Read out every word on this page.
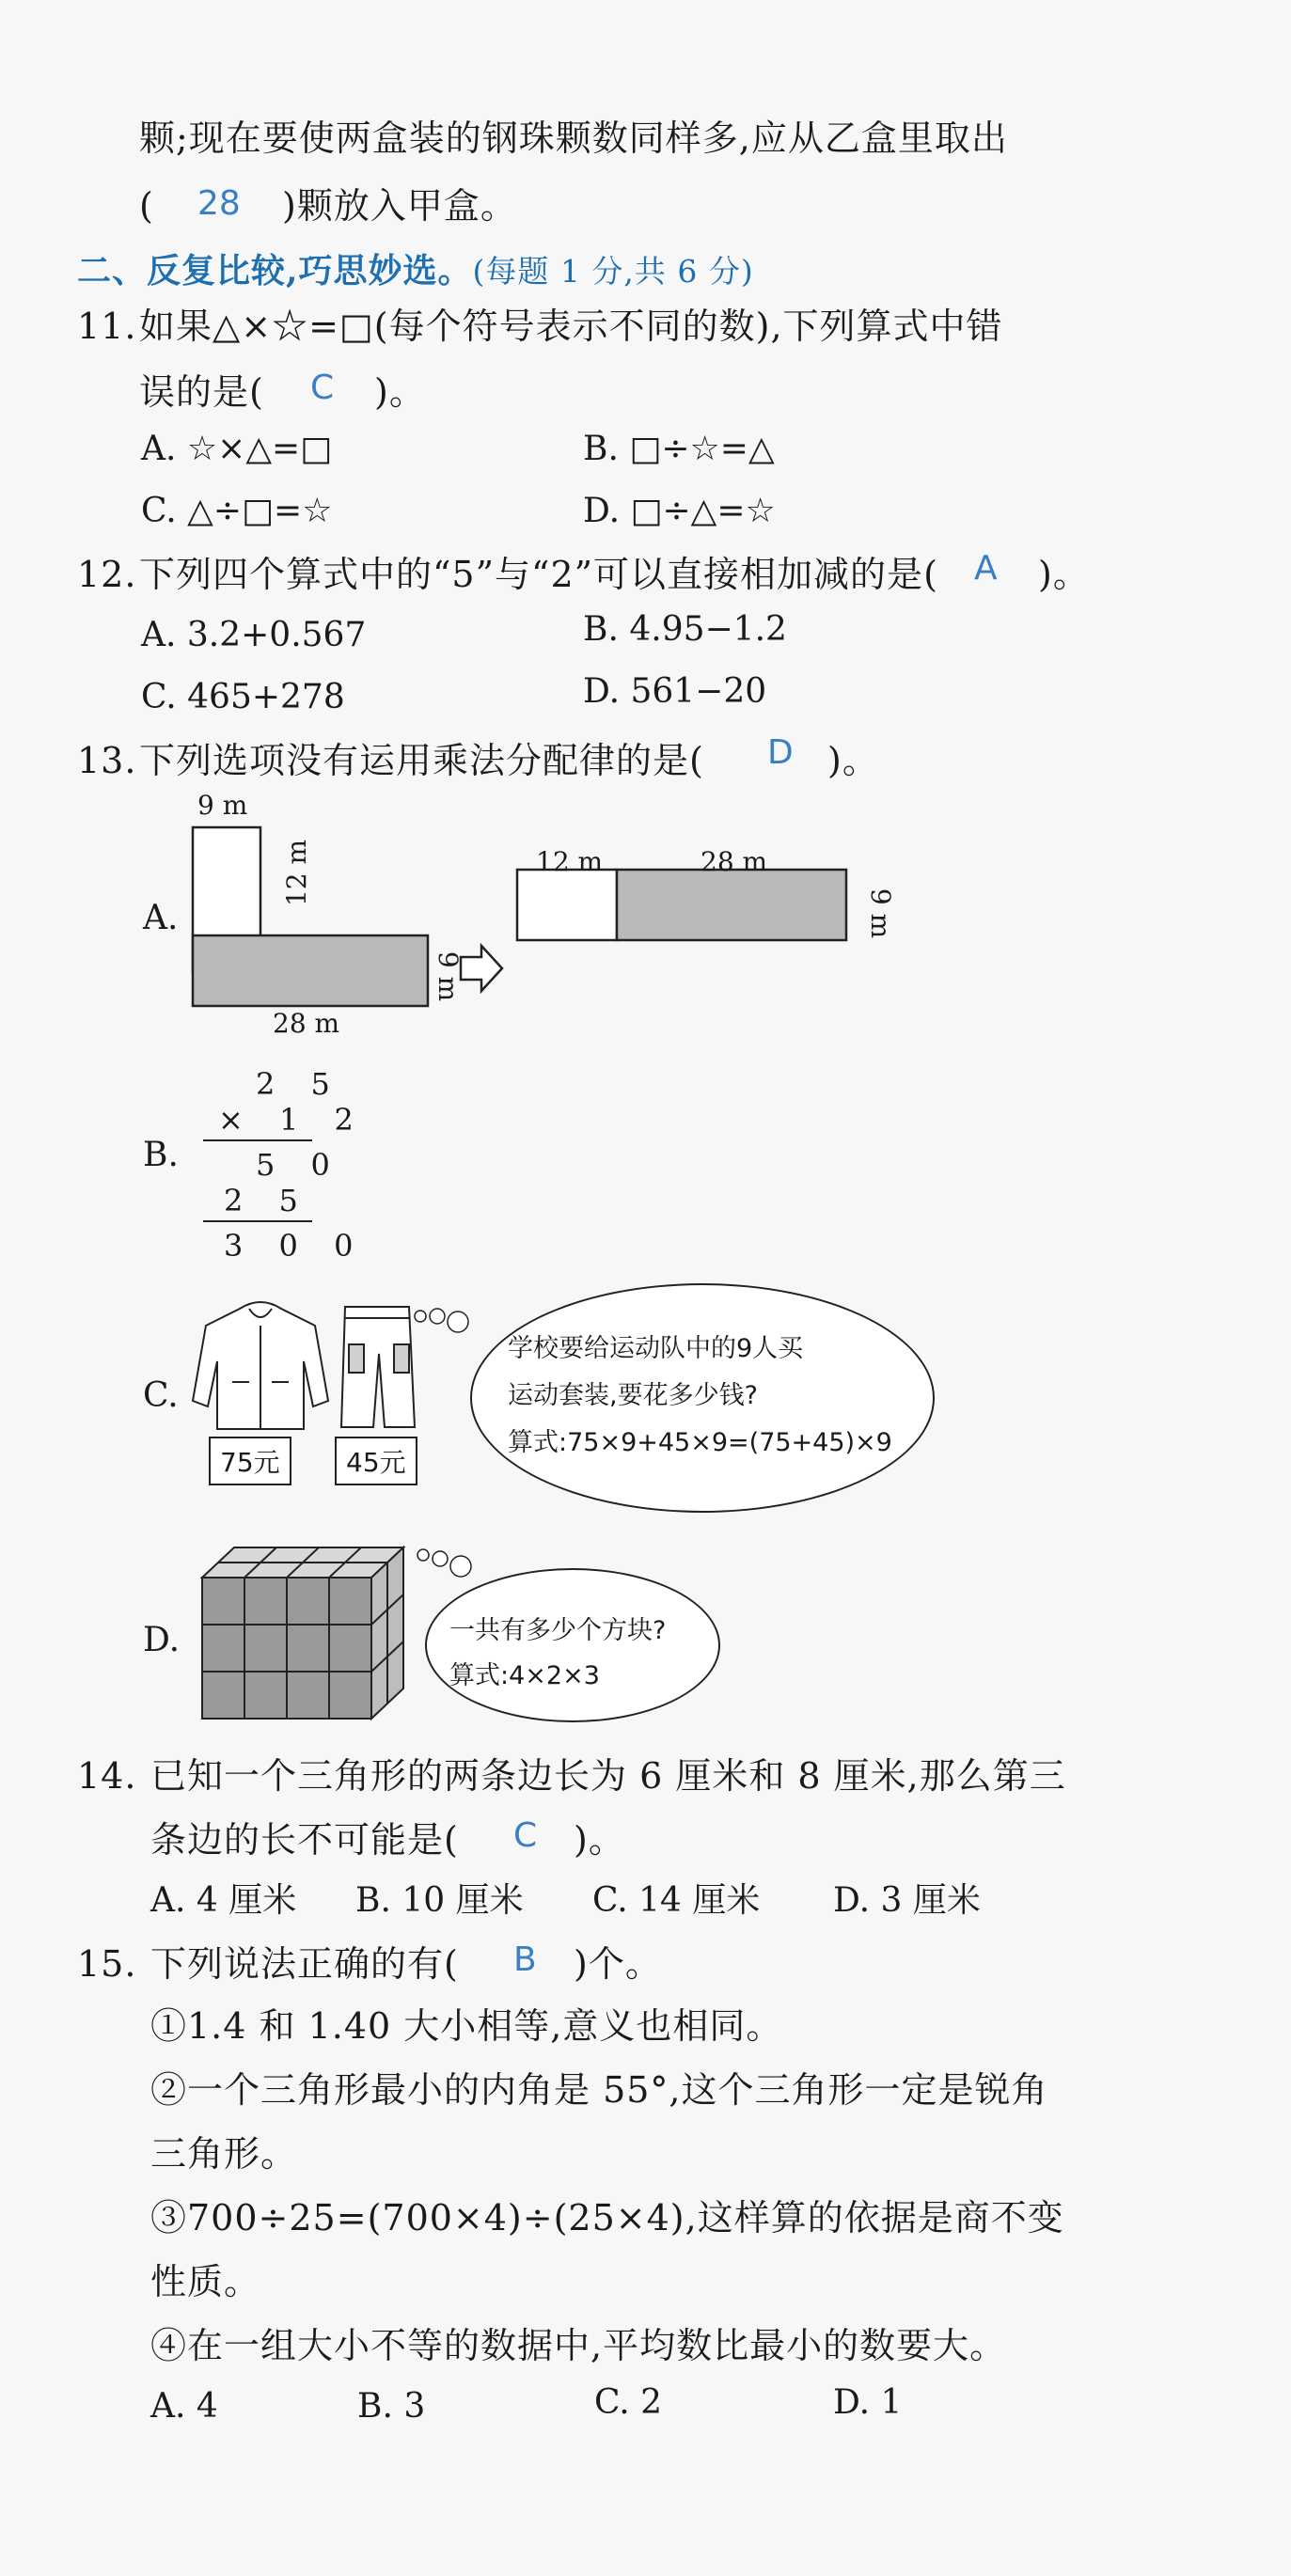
颗;现在要使两盒装的钢珠颗数同样多,应从乙盒里取出
( 28 )颗放入甲盒。
二、反复比较,巧思妙选。(每题 1 分,共 6 分)
11. 如果△×☆=□(每个符号表示不同的数),下列算式中错
误的是( C )。
A. ☆×△=□	B. □÷☆=△
C. △÷□=☆	D. □÷△=☆
12. 下列四个算式中的“5”与“2”可以直接相加减的是( A )。
A. 3.2+0.567	B. 4.95−1.2
C. 465+278	D. 561−20
13. 下列选项没有运用乘法分配律的是( D )。
A.
9 m
12 m
28 m
9 m
12 m	28 m
9 m
B.
2 5
× 1 2
5 0
2 5
3 0 0
C.
75元	45元
学校要给运动队中的9人买
运动套装,要花多少钱?
算式:75×9+45×9=(75+45)×9
D.	一共有多少个方块?
算式:4×2×3
14. 已知一个三角形的两条边长为 6 厘米和 8 厘米,那么第三
条边的长不可能是( C )。
A. 4 厘米 B. 10 厘米 C. 14 厘米 D. 3 厘米
15. 下列说法正确的有( B )个。
①1.4 和 1.40 大小相等,意义也相同。
②一个三角形最小的内角是 55°,这个三角形一定是锐角
三角形。
③700÷25=(700×4)÷(25×4),这样算的依据是商不变
性质。
④在一组大小不等的数据中,平均数比最小的数要大。
A. 4	B. 3	C. 2	D. 1
